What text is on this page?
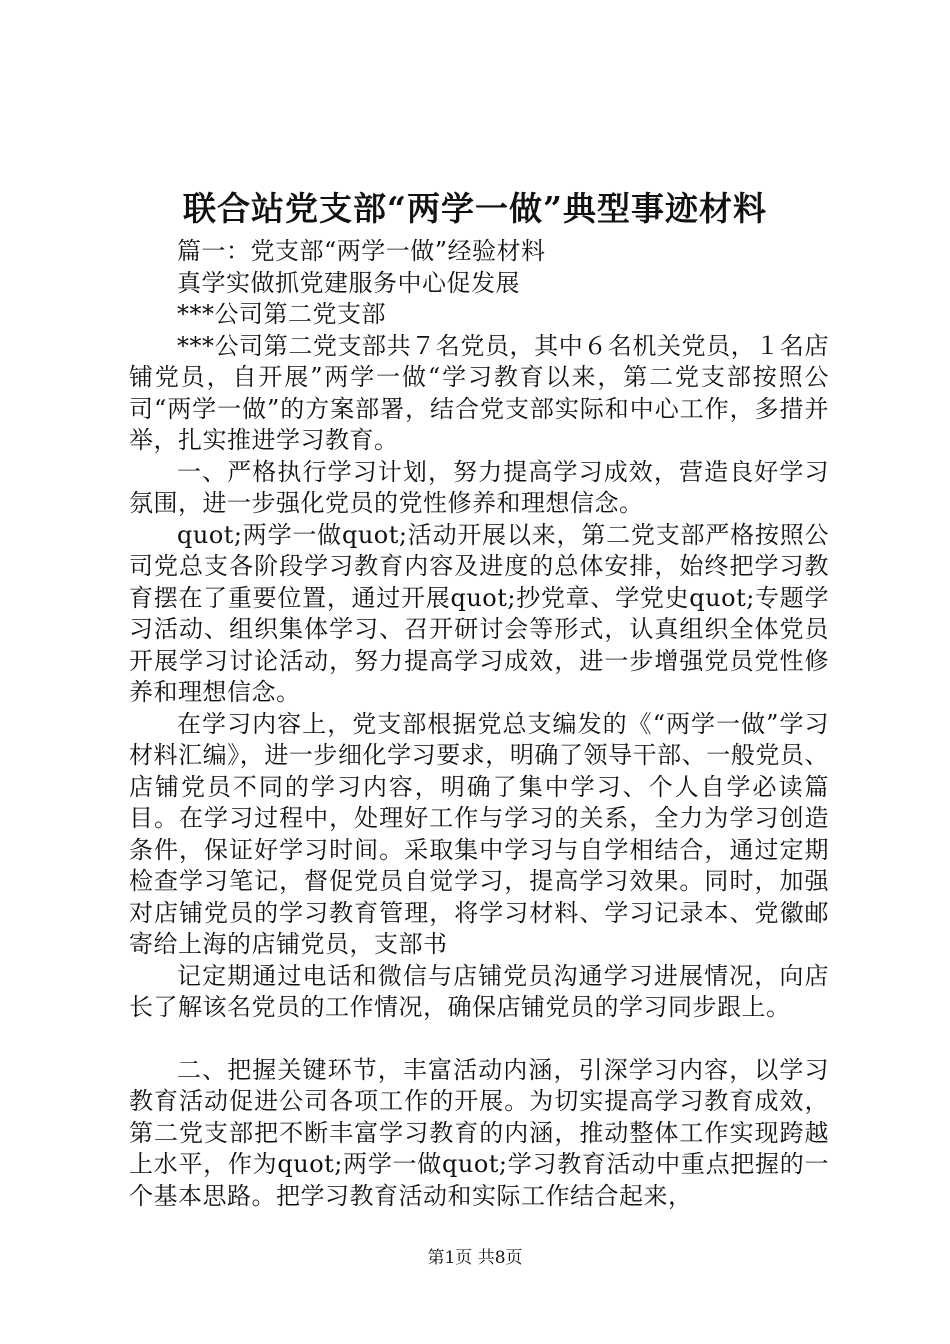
联合站党支部“两学一做”典型事迹材料

篇一：党支部“两学一做”经验材料

真学实做抓党建服务中心促发展

***公司第二党支部

***公司第二党支部共７名党员，其中６名机关党员，１名店铺党员，自开展”两学一做“学习教育以来，第二党支部按照公司“两学一做”的方案部署，结合党支部实际和中心工作，多措并举，扎实推进学习教育。

一、严格执行学习计划，努力提高学习成效，营造良好学习氛围，进一步强化党员的党性修养和理想信念。

quot;两学一做quot;活动开展以来，第二党支部严格按照公司党总支各阶段学习教育内容及进度的总体安排，始终把学习教育摆在了重要位置，通过开展quot;抄党章、学党史quot;专题学习活动、组织集体学习、召开研讨会等形式，认真组织全体党员开展学习讨论活动，努力提高学习成效，进一步增强党员党性修养和理想信念。

在学习内容上，党支部根据党总支编发的《“两学一做”学习材料汇编》，进一步细化学习要求，明确了领导干部、一般党员、店铺党员不同的学习内容，明确了集中学习、个人自学必读篇目。在学习过程中，处理好工作与学习的关系，全力为学习创造条件，保证好学习时间。采取集中学习与自学相结合，通过定期检查学习笔记，督促党员自觉学习，提高学习效果。同时，加强对店铺党员的学习教育管理，将学习材料、学习记录本、党徽邮寄给上海的店铺党员，支部书

记定期通过电话和微信与店铺党员沟通学习进展情况，向店长了解该名党员的工作情况，确保店铺党员的学习同步跟上。

二、把握关键环节，丰富活动内涵，引深学习内容，以学习教育活动促进公司各项工作的开展。为切实提高学习教育成效，第二党支部把不断丰富学习教育的内涵，推动整体工作实现跨越上水平，作为quot;两学一做quot;学习教育活动中重点把握的一个基本思路。把学习教育活动和实际工作结合起来，

第1页 共8页
